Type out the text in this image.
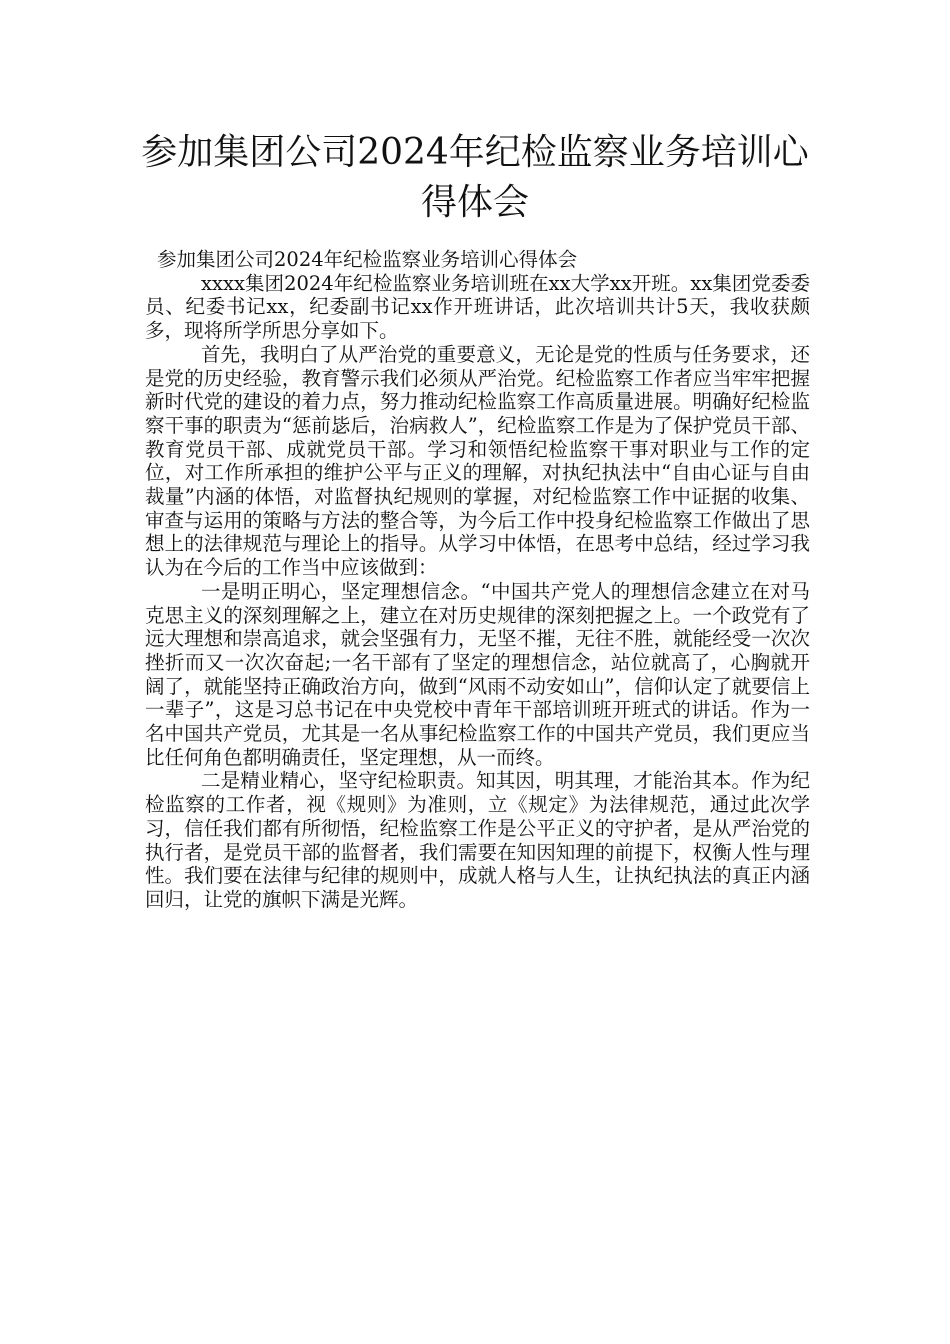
参加集团公司2024年纪检监察业务培训心
得体会

参加集团公司2024年纪检监察业务培训心得体会

xxxx集团2024年纪检监察业务培训班在xx大学xx开班。xx集团党委委员、纪委书记xx，纪委副书记xx作开班讲话，此次培训共计5天，我收获颇多，现将所学所思分享如下。

首先，我明白了从严治党的重要意义，无论是党的性质与任务要求，还是党的历史经验，教育警示我们必须从严治党。纪检监察工作者应当牢牢把握新时代党的建设的着力点，努力推动纪检监察工作高质量进展。明确好纪检监察干事的职责为“惩前毖后，治病救人”，纪检监察工作是为了保护党员干部、教育党员干部、成就党员干部。学习和领悟纪检监察干事对职业与工作的定位，对工作所承担的维护公平与正义的理解，对执纪执法中“自由心证与自由裁量”内涵的体悟，对监督执纪规则的掌握，对纪检监察工作中证据的收集、审查与运用的策略与方法的整合等，为今后工作中投身纪检监察工作做出了思想上的法律规范与理论上的指导。从学习中体悟，在思考中总结，经过学习我认为在今后的工作当中应该做到：

一是明正明心，坚定理想信念。“中国共产党人的理想信念建立在对马克思主义的深刻理解之上，建立在对历史规律的深刻把握之上。一个政党有了远大理想和崇高追求，就会坚强有力，无坚不摧，无往不胜，就能经受一次次挫折而又一次次奋起;一名干部有了坚定的理想信念，站位就高了，心胸就开阔了，就能坚持正确政治方向，做到“风雨不动安如山”，信仰认定了就要信上一辈子”，这是习总书记在中央党校中青年干部培训班开班式的讲话。作为一名中国共产党员，尤其是一名从事纪检监察工作的中国共产党员，我们更应当比任何角色都明确责任，坚定理想，从一而终。

二是精业精心，坚守纪检职责。知其因，明其理，才能治其本。作为纪检监察的工作者，视《规则》为准则，立《规定》为法律规范，通过此次学习，信任我们都有所彻悟，纪检监察工作是公平正义的守护者，是从严治党的执行者，是党员干部的监督者，我们需要在知因知理的前提下，权衡人性与理性。我们要在法律与纪律的规则中，成就人格与人生，让执纪执法的真正内涵回归，让党的旗帜下满是光辉。
